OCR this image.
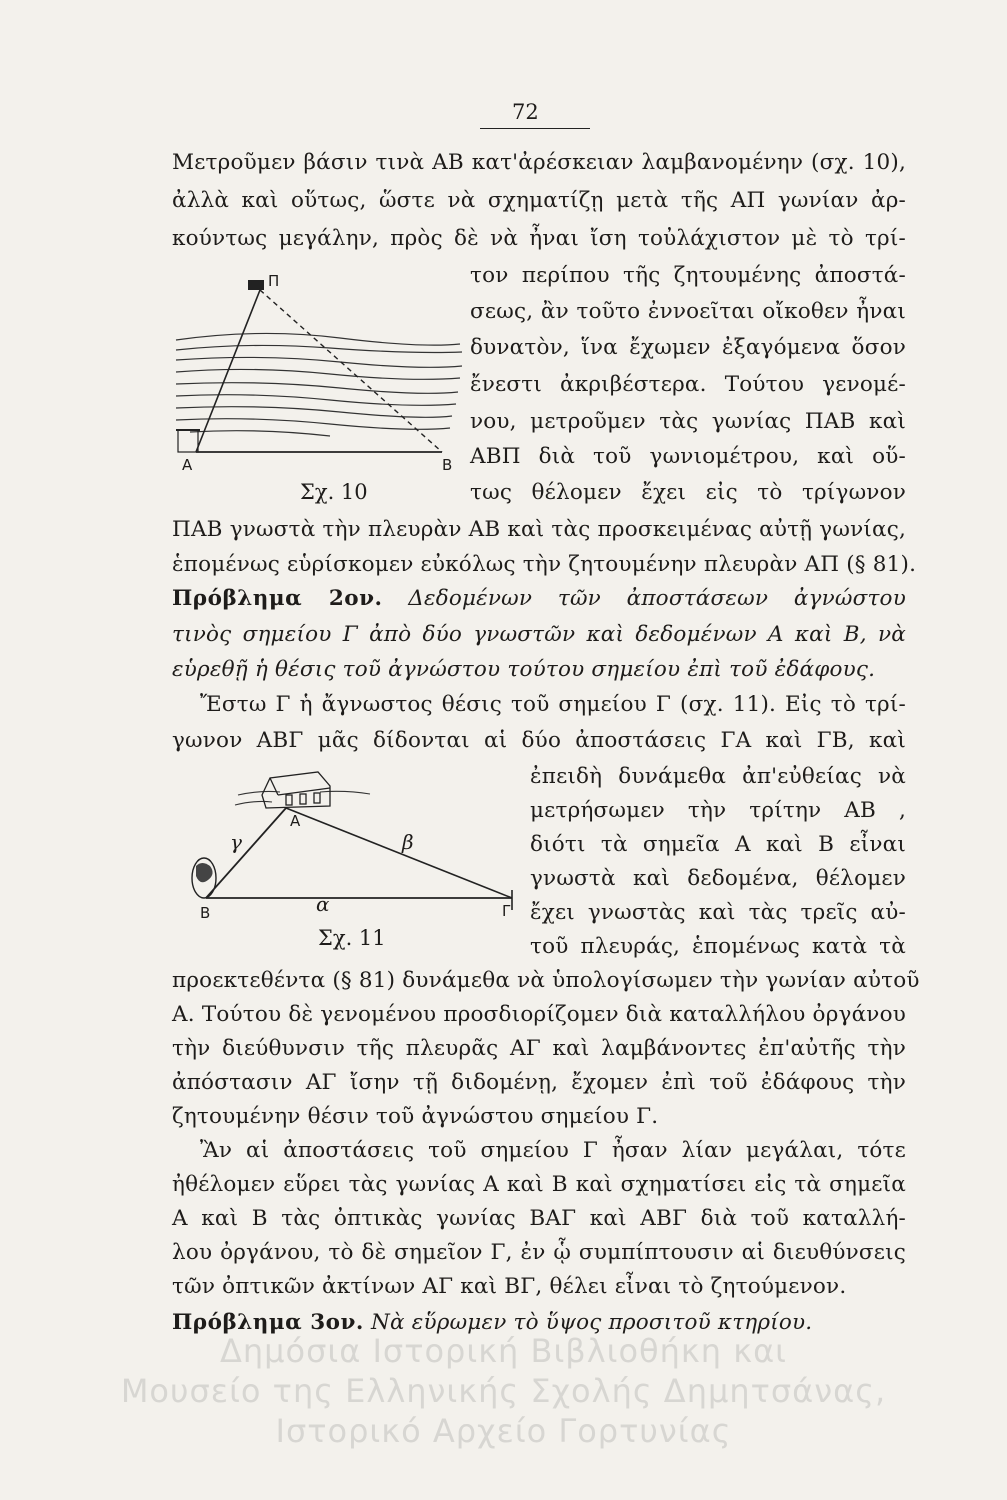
72
Μετροῦμεν βάσιν τινὰ ΑΒ κατ'ἀρέσκειαν λαμβανομένην (σχ. 10),
ἀλλὰ καὶ οὕτως, ὥστε νὰ σχηματίζῃ μετὰ τῆς ΑΠ γωνίαν ἀρ-
κούντως μεγάλην, πρὸς δὲ νὰ ἦναι ἴση τοὐλάχιστον μὲ τὸ τρί-
τον περίπου τῆς ζητουμένης ἀποστά-
σεως, ἂν τοῦτο ἐννοεῖται οἴκοθεν ἦναι
δυνατὸν, ἵνα ἔχωμεν ἐξαγόμενα ὅσον
ἔνεστι ἀκριβέστερα. Τούτου γενομέ-
νου, μετροῦμεν τὰς γωνίας ΠΑΒ καὶ
ΑΒΠ διὰ τοῦ γωνιομέτρου, καὶ οὕ-
τως θέλομεν ἔχει εἰς τὸ τρίγωνον
ΠΑΒ γνωστὰ τὴν πλευρὰν ΑΒ καὶ τὰς προσκειμένας αὐτῇ γωνίας,
ἑπομένως εὑρίσκομεν εὐκόλως τὴν ζητουμένην πλευρὰν ΑΠ (§ 81).
Π
Α	Β
Σχ. 10
Πρόβλημα 2ον. Δεδομένων τῶν ἀποστάσεων ἀγνώστου
τινὸς σημείου Γ ἀπὸ δύο γνωστῶν καὶ δεδομένων Α καὶ Β, νὰ
εὑρεθῇ ἡ θέσις τοῦ ἀγνώστου τούτου σημείου ἐπὶ τοῦ ἐδάφους.
Ἔστω Γ ἡ ἄγνωστος θέσις τοῦ σημείου Γ (σχ. 11). Εἰς τὸ τρί-
γωνον ΑΒΓ μᾶς δίδονται αἱ δύο ἀποστάσεις ΓΑ καὶ ΓΒ, καὶ
ἐπειδὴ δυνάμεθα ἀπ'εὐθείας νὰ
μετρήσωμεν τὴν τρίτην ΑΒ ,
διότι τὰ σημεῖα Α καὶ Β εἶναι
γνωστὰ καὶ δεδομένα, θέλομεν
ἔχει γνωστὰς καὶ τὰς τρεῖς αὐ-
τοῦ πλευράς, ἑπομένως κατὰ τὰ
Α
Β	Γ
α
β
γ
Σχ. 11
προεκτεθέντα (§ 81) δυνάμεθα νὰ ὑπολογίσωμεν τὴν γωνίαν αὐτοῦ
Α. Τούτου δὲ γενομένου προσδιορίζομεν διὰ καταλλήλου ὀργάνου
τὴν διεύθυνσιν τῆς πλευρᾶς ΑΓ καὶ λαμβάνοντες ἐπ'αὐτῆς τὴν
ἀπόστασιν ΑΓ ἴσην τῇ διδομένῃ, ἔχομεν ἐπὶ τοῦ ἐδάφους τὴν
ζητουμένην θέσιν τοῦ ἀγνώστου σημείου Γ.
Ἂν αἱ ἀποστάσεις τοῦ σημείου Γ ἦσαν λίαν μεγάλαι, τότε
ἠθέλομεν εὕρει τὰς γωνίας Α καὶ Β καὶ σχηματίσει εἰς τὰ σημεῖα
Α καὶ Β τὰς ὀπτικὰς γωνίας ΒΑΓ καὶ ΑΒΓ διὰ τοῦ καταλλή-
λου ὀργάνου, τὸ δὲ σημεῖον Γ, ἐν ᾧ συμπίπτουσιν αἱ διευθύνσεις
τῶν ὀπτικῶν ἀκτίνων ΑΓ καὶ ΒΓ, θέλει εἶναι τὸ ζητούμενον.
Πρόβλημα 3ον. Νὰ εὕρωμεν τὸ ὕψος προσιτοῦ κτηρίου.
Δημόσια Ιστορική Βιβλιοθήκη και
Μουσείο της Ελληνικής Σχολής Δημητσάνας,
Ιστορικό Αρχείο Γορτυνίας
